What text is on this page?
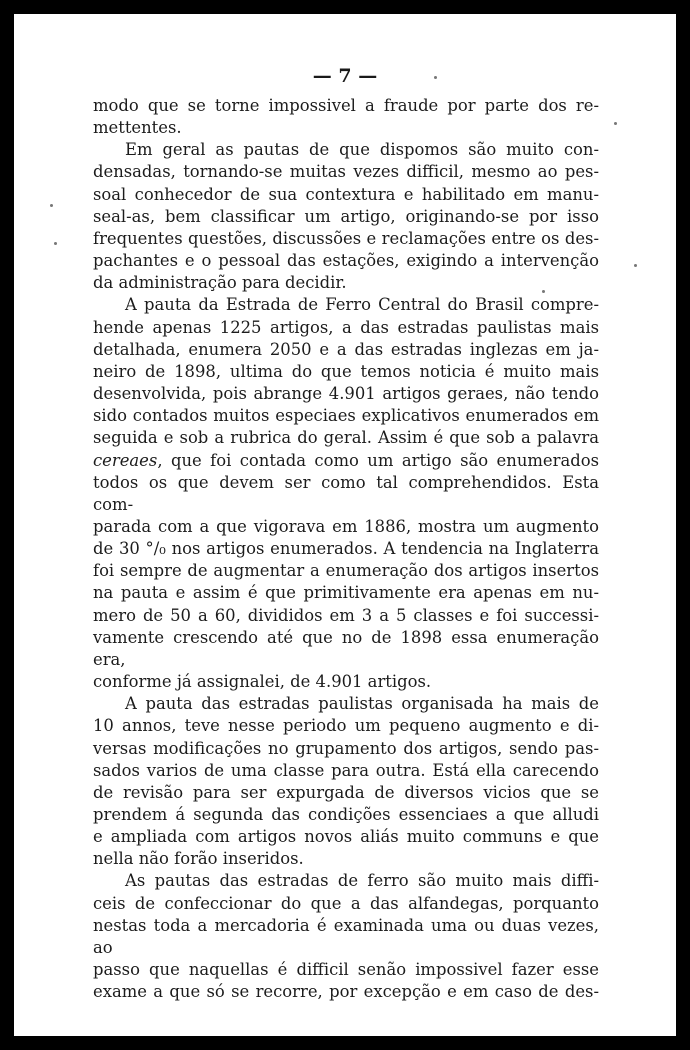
— 7 —
modo que se torne impossivel a fraude por parte dos re-
mettentes.
Em geral as pautas de que dispomos são muito con-
densadas, tornando-se muitas vezes difficil, mesmo ao pes-
soal conhecedor de sua contextura e habilitado em manu-
seal-as, bem classificar um artigo, originando-se por isso
frequentes questões, discussões e reclamações entre os des-
pachantes e o pessoal das estações, exigindo a intervenção
da administração para decidir.
A pauta da Estrada de Ferro Central do Brasil compre-
hende apenas 1225 artigos, a das estradas paulistas mais
detalhada, enumera 2050 e a das estradas inglezas em ja-
neiro de 1898, ultima do que temos noticia é muito mais
desenvolvida, pois abrange 4.901 artigos geraes, não tendo
sido contados muitos especiaes explicativos enumerados em
seguida e sob a rubrica do geral. Assim é que sob a palavra
cereaes, que foi contada como um artigo são enumerados
todos os que devem ser como tal comprehendidos. Esta com-
parada com a que vigorava em 1886, mostra um augmento
de 30 °/₀ nos artigos enumerados. A tendencia na Inglaterra
foi sempre de augmentar a enumeração dos artigos insertos
na pauta e assim é que primitivamente era apenas em nu-
mero de 50 a 60, divididos em 3 a 5 classes e foi successi-
vamente crescendo até que no de 1898 essa enumeração era,
conforme já assignalei, de 4.901 artigos.
A pauta das estradas paulistas organisada ha mais de
10 annos, teve nesse periodo um pequeno augmento e di-
versas modificações no grupamento dos artigos, sendo pas-
sados varios de uma classe para outra. Está ella carecendo
de revisão para ser expurgada de diversos vicios que se
prendem á segunda das condições essenciaes a que alludi
e ampliada com artigos novos aliás muito communs e que
nella não forão inseridos.
As pautas das estradas de ferro são muito mais diffi-
ceis de confeccionar do que a das alfandegas, porquanto
nestas toda a mercadoria é examinada uma ou duas vezes, ao
passo que naquellas é difficil senão impossivel fazer esse
exame a que só se recorre, por excepção e em caso de des-
